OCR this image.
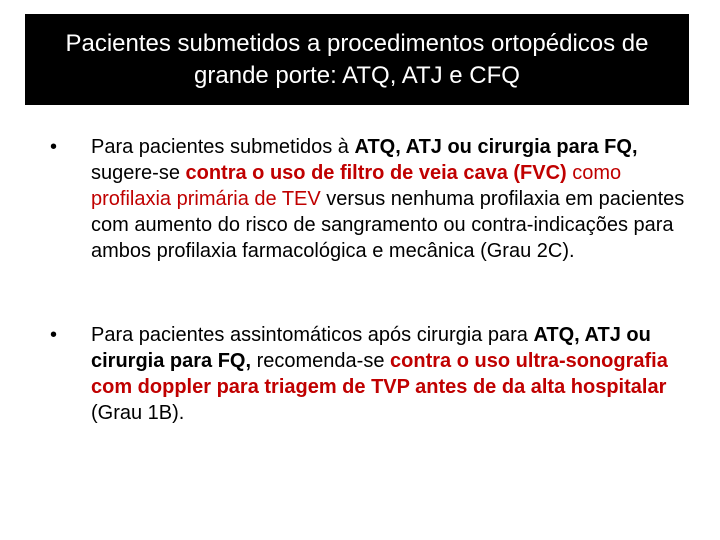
Pacientes submetidos a procedimentos ortopédicos de
grande porte: ATQ, ATJ e CFQ
• Para pacientes submetidos à ATQ, ATJ ou cirurgia para FQ, sugere-se contra o uso de filtro de veia cava (FVC) como profilaxia primária de TEV versus nenhuma profilaxia em pacientes com aumento do risco de sangramento ou contra-indicações para ambos profilaxia farmacológica e mecânica (Grau 2C).
• Para pacientes assintomáticos após cirurgia para ATQ, ATJ ou cirurgia para FQ, recomenda-se contra o uso ultra-sonografia com doppler para triagem de TVP antes de da alta hospitalar (Grau 1B).
